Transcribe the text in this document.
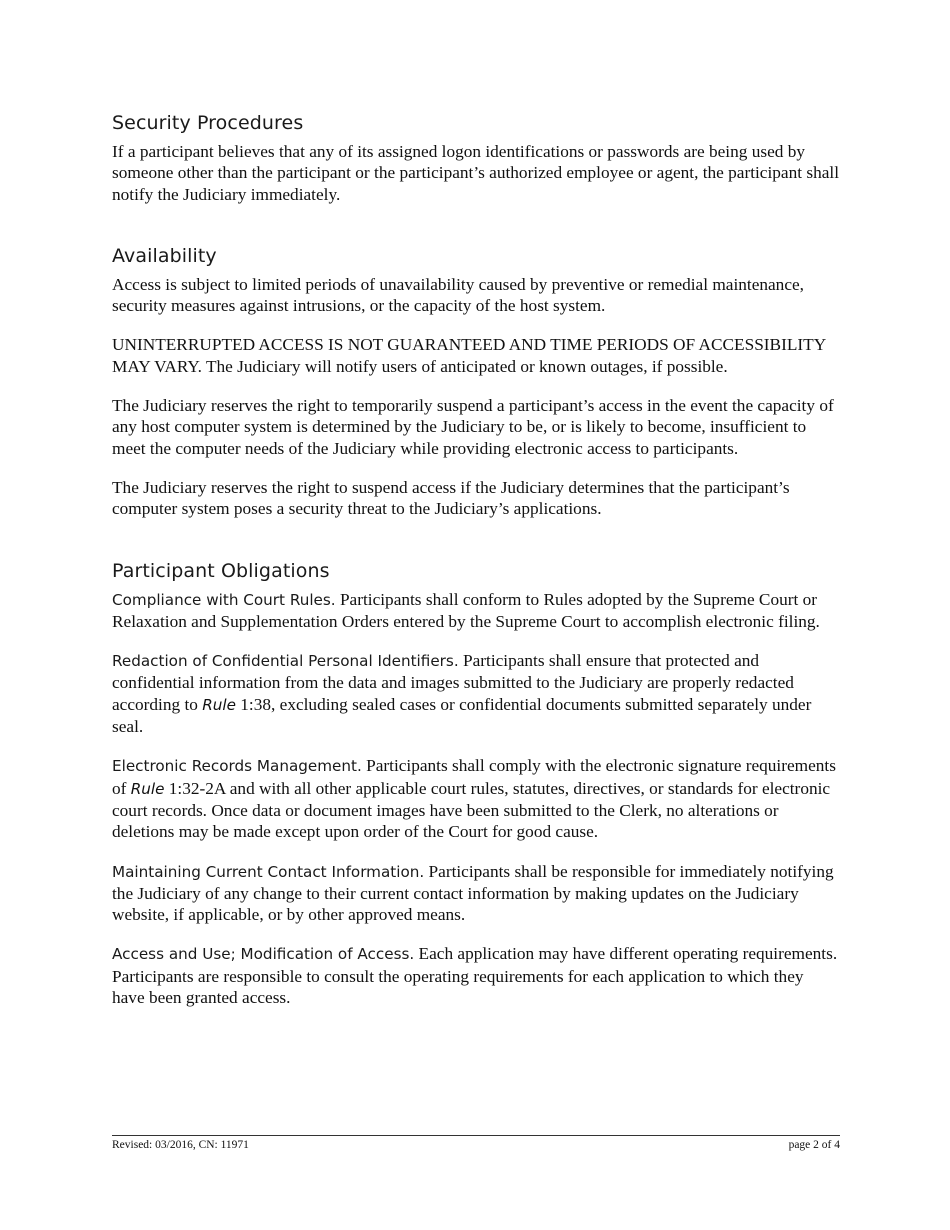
Security Procedures

If a participant believes that any of its assigned logon identifications or passwords are being used by someone other than the participant or the participant’s authorized employee or agent, the participant shall notify the Judiciary immediately.

Availability

Access is subject to limited periods of unavailability caused by preventive or remedial maintenance, security measures against intrusions, or the capacity of the host system.

UNINTERRUPTED ACCESS IS NOT GUARANTEED AND TIME PERIODS OF ACCESSIBILITY MAY VARY. The Judiciary will notify users of anticipated or known outages, if possible.

The Judiciary reserves the right to temporarily suspend a participant’s access in the event the capacity of any host computer system is determined by the Judiciary to be, or is likely to become, insufficient to meet the computer needs of the Judiciary while providing electronic access to participants.

The Judiciary reserves the right to suspend access if the Judiciary determines that the participant’s computer system poses a security threat to the Judiciary’s applications.

Participant Obligations

Compliance with Court Rules. Participants shall conform to Rules adopted by the Supreme Court or Relaxation and Supplementation Orders entered by the Supreme Court to accomplish electronic filing.

Redaction of Confidential Personal Identifiers. Participants shall ensure that protected and confidential information from the data and images submitted to the Judiciary are properly redacted according to Rule 1:38, excluding sealed cases or confidential documents submitted separately under seal.

Electronic Records Management. Participants shall comply with the electronic signature requirements of Rule 1:32-2A and with all other applicable court rules, statutes, directives, or standards for electronic court records. Once data or document images have been submitted to the Clerk, no alterations or deletions may be made except upon order of the Court for good cause.

Maintaining Current Contact Information. Participants shall be responsible for immediately notifying the Judiciary of any change to their current contact information by making updates on the Judiciary website, if applicable, or by other approved means.

Access and Use; Modification of Access. Each application may have different operating requirements. Participants are responsible to consult the operating requirements for each application to which they have been granted access.

Revised: 03/2016, CN: 11971	page 2 of 4
